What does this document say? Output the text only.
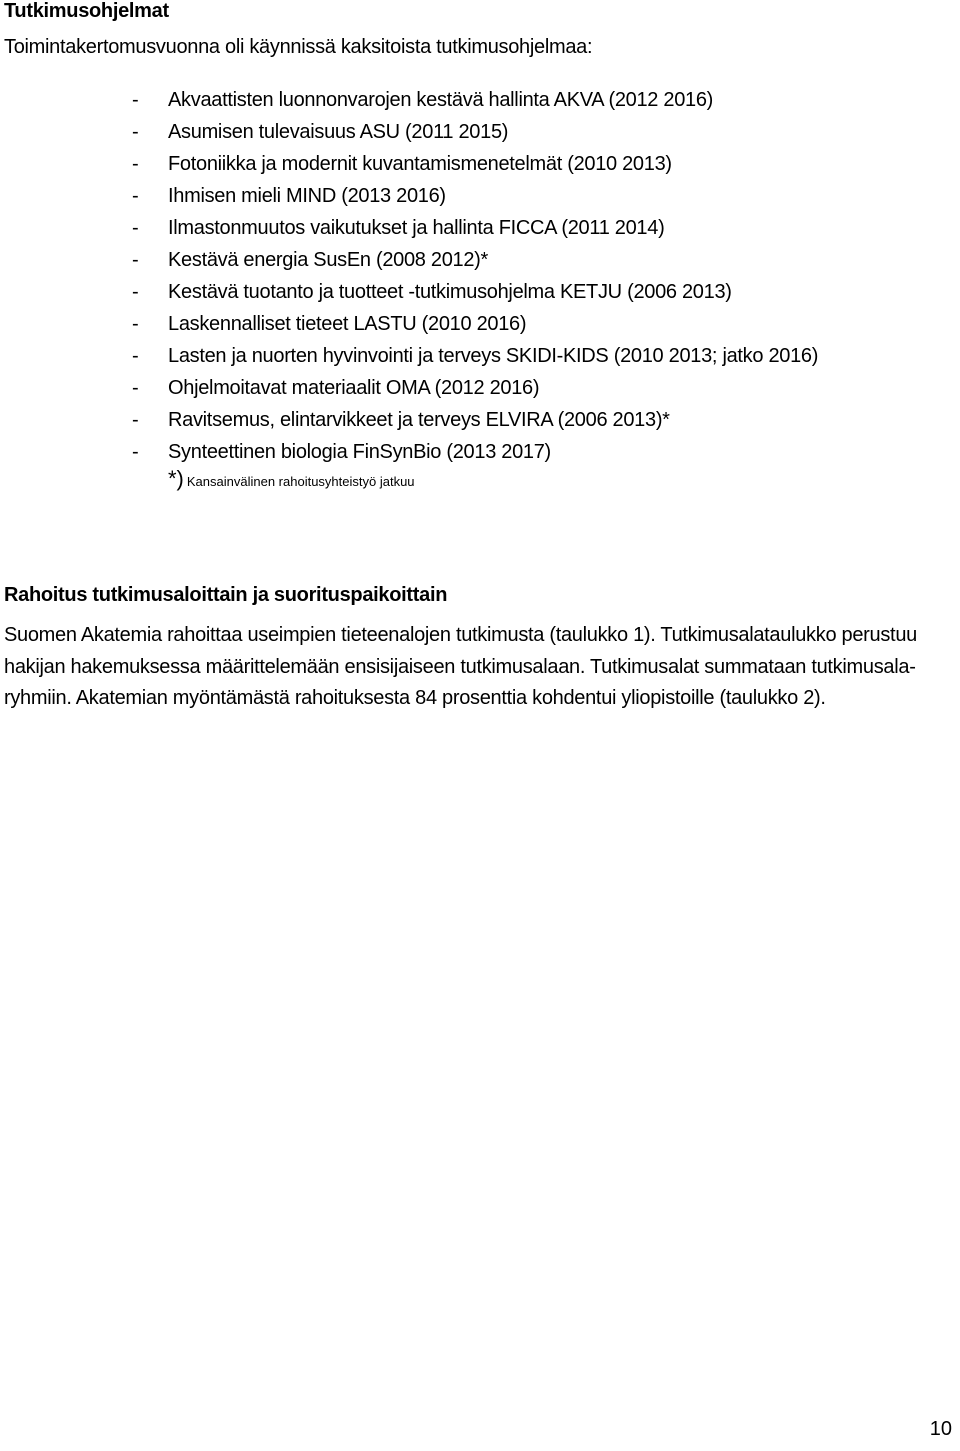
Tutkimusohjelmat
Toimintakertomusvuonna oli käynnissä kaksitoista tutkimusohjelmaa:
- Akvaattisten luonnonvarojen kestävä hallinta AKVA (2012 2016)
- Asumisen tulevaisuus ASU (2011 2015)
- Fotoniikka ja modernit kuvantamismenetelmät (2010 2013)
- Ihmisen mieli MIND (2013 2016)
- Ilmastonmuutos vaikutukset ja hallinta FICCA (2011 2014)
- Kestävä energia SusEn (2008 2012)*
- Kestävä tuotanto ja tuotteet -tutkimusohjelma KETJU (2006 2013)
- Laskennalliset tieteet LASTU (2010 2016)
- Lasten ja nuorten hyvinvointi ja terveys SKIDI-KIDS (2010 2013; jatko 2016)
- Ohjelmoitavat materiaalit OMA (2012 2016)
- Ravitsemus, elintarvikkeet ja terveys ELVIRA (2006 2013)*
- Synteettinen biologia FinSynBio (2013 2017)
*) Kansainvälinen rahoitusyhteistyö jatkuu
Rahoitus tutkimusaloittain ja suorituspaikoittain
Suomen Akatemia rahoittaa useimpien tieteenalojen tutkimusta (taulukko 1). Tutkimusalataulukko perustuu
hakijan hakemuksessa määrittelemään ensisijaiseen tutkimusalaan. Tutkimusalat summataan tutkimusala-
ryhmiin. Akatemian myöntämästä rahoituksesta 84 prosenttia kohdentui yliopistoille (taulukko 2).
10
